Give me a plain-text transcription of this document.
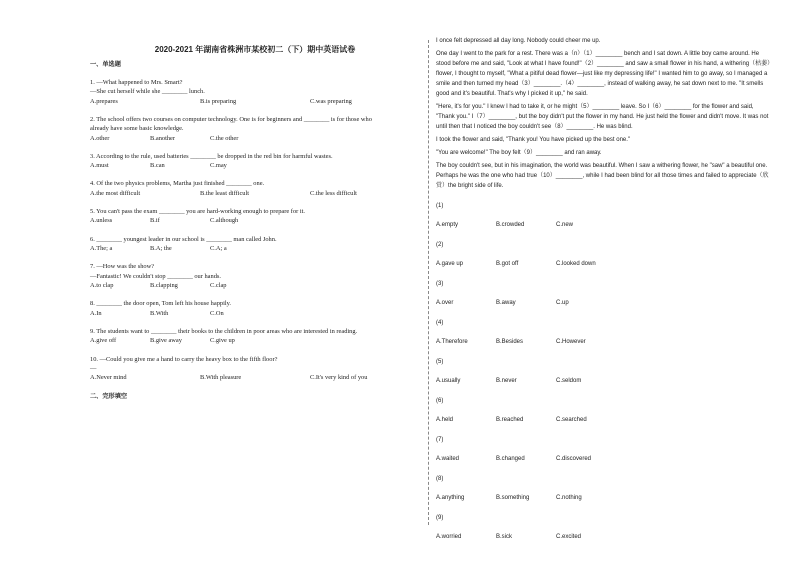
2020-2021 年湖南省株洲市某校初二（下）期中英语试卷
一、单选题
1. —What happened to Mrs. Smart?
—She cut herself while she ________ lunch.
A.prepares	B.is preparing	C.was preparing
2. The school offers two courses on computer technology. One is for beginners and ________ is for those who
already have some basic knowledge.
A.other	B.another	C.the other
3. According to the rule, used batteries ________ be dropped in the red bin for harmful wastes.
A.must	B.can	C.may
4. Of the two physics problems, Martha just finished ________ one.
A.the most difficult	B.the least difficult	C.the less difficult
5. You can't pass the exam ________ you are hard-working enough to prepare for it.
A.unless	B.if	C.although
6. ________ youngest leader in our school is ________ man called John.
A.The; a	B.A; the	C.A; a
7. —How was the show?
—Fantastic! We couldn't stop ________ our hands.
A.to clap	B.clapping	C.clap
8. ________ the door open, Tom left his house happily.
A.In	B.With	C.On
9. The students want to ________ their books to the children in poor areas who are interested in reading.
A.give off	B.give away	C.give up
10. —Could you give me a hand to carry the heavy box to the fifth floor?
—
A.Never mind	B.With pleasure	C.It's very kind of you
二、完形填空
I once felt depressed all day long. Nobody could cheer me up.
One day I went to the park for a rest. There was a（n）（1）________ bench and I sat down. A little boy came around. He stood before me and said, "Look at what I have found!"（2）________ and saw a small flower in his hand, a withering（枯萎）flower, I thought to myself, "What a pitiful dead flower—just like my depressing life!" I wanted him to go away, so I managed a smile and then turned my head（3）________.（4）________, instead of walking away, he sat down next to me. "It smells good and it's beautiful. That's why I picked it up," he said.
"Here, it's for you." I knew I had to take it, or he might（5）________ leave. So I（6）________ for the flower and said, "Thank you." I（7）________, but the boy didn't put the flower in my hand. He just held the flower and didn't move. It was not until then that I noticed the boy couldn't see（8）________. He was blind.
I took the flower and said, "Thank you! You have picked up the best one."
"You are welcome!" The boy felt（9）________ and ran away.
The boy couldn't see, but in his imagination, the world was beautiful. When I saw a withering flower, he "saw" a beautiful one. Perhaps he was the one who had true（10）________, while I had been blind for all those times and failed to appreciate（欣赏）the bright side of life.
(1)
A.empty	B.crowded	C.new
(2)
A.gave up	B.got off	C.looked down
(3)
A.over	B.away	C.up
(4)
A.Therefore	B.Besides	C.However
(5)
A.usually	B.never	C.seldom
(6)
A.held	B.reached	C.searched
(7)
A.waited	B.changed	C.discovered
(8)
A.anything	B.something	C.nothing
(9)
A.worried	B.sick	C.excited
